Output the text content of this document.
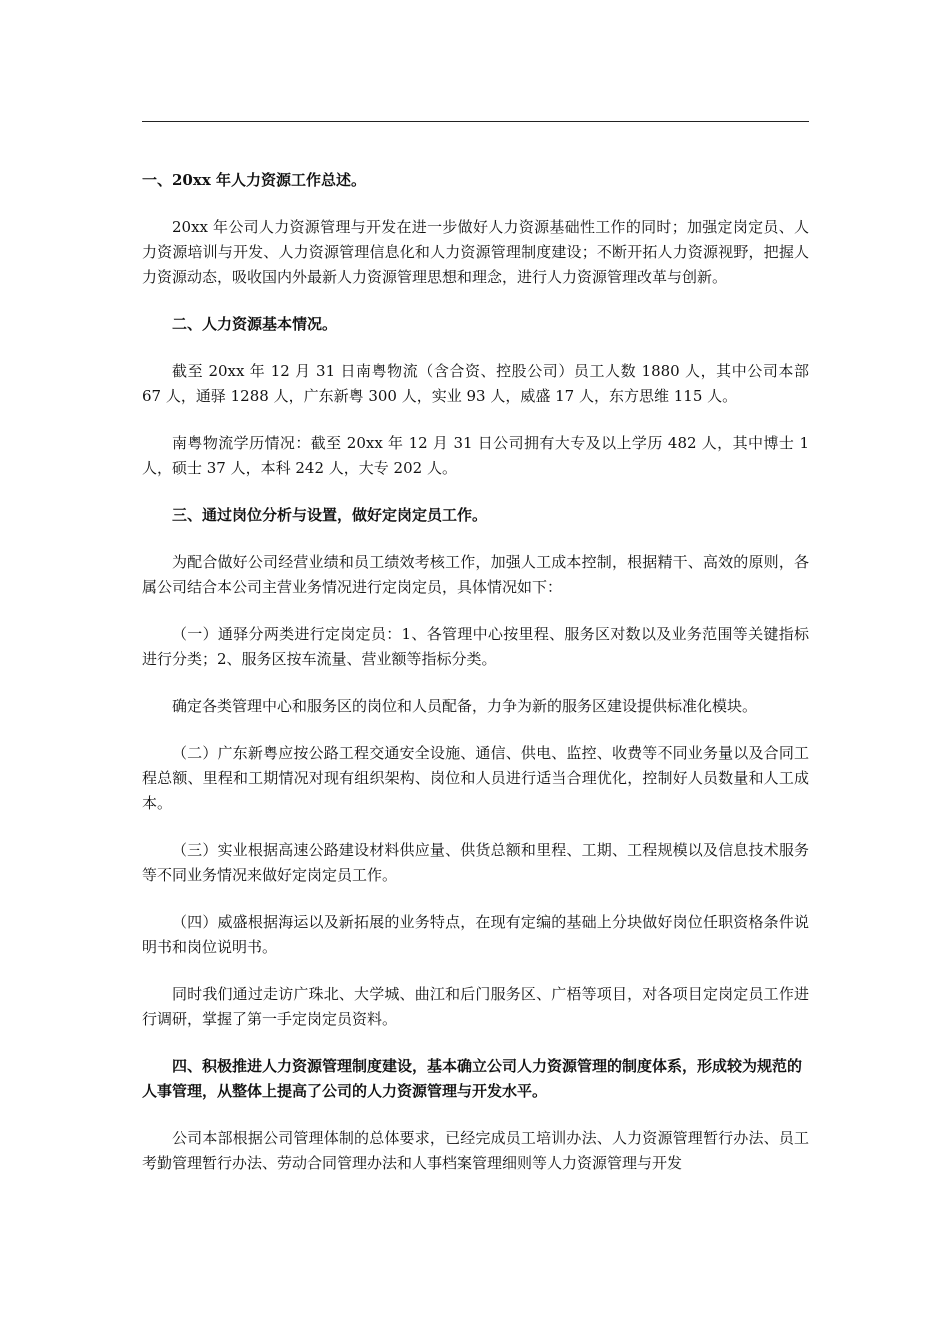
一、20xx 年人力资源工作总述。

20xx 年公司人力资源管理与开发在进一步做好人力资源基础性工作的同时；加强定岗定员、人力资源培训与开发、人力资源管理信息化和人力资源管理制度建设；不断开拓人力资源视野，把握人力资源动态，吸收国内外最新人力资源管理思想和理念，进行人力资源管理改革与创新。

二、人力资源基本情况。

截至 20xx 年 12 月 31 日南粤物流（含合资、控股公司）员工人数 1880 人，其中公司本部 67 人，通驿 1288 人，广东新粤 300 人，实业 93 人，威盛 17 人，东方思维 115 人。

南粤物流学历情况：截至 20xx 年 12 月 31 日公司拥有大专及以上学历 482 人，其中博士 1 人，硕士 37 人，本科 242 人，大专 202 人。

三、通过岗位分析与设置，做好定岗定员工作。

为配合做好公司经营业绩和员工绩效考核工作，加强人工成本控制，根据精干、高效的原则，各属公司结合本公司主营业务情况进行定岗定员，具体情况如下：

（一）通驿分两类进行定岗定员：1、各管理中心按里程、服务区对数以及业务范围等关键指标进行分类；2、服务区按车流量、营业额等指标分类。

确定各类管理中心和服务区的岗位和人员配备，力争为新的服务区建设提供标准化模块。

（二）广东新粤应按公路工程交通安全设施、通信、供电、监控、收费等不同业务量以及合同工程总额、里程和工期情况对现有组织架构、岗位和人员进行适当合理优化，控制好人员数量和人工成本。

（三）实业根据高速公路建设材料供应量、供货总额和里程、工期、工程规模以及信息技术服务等不同业务情况来做好定岗定员工作。

（四）威盛根据海运以及新拓展的业务特点，在现有定编的基础上分块做好岗位任职资格条件说明书和岗位说明书。

同时我们通过走访广珠北、大学城、曲江和后门服务区、广梧等项目，对各项目定岗定员工作进行调研，掌握了第一手定岗定员资料。

四、积极推进人力资源管理制度建设，基本确立公司人力资源管理的制度体系，形成较为规范的人事管理，从整体上提高了公司的人力资源管理与开发水平。

公司本部根据公司管理体制的总体要求，已经完成员工培训办法、人力资源管理暂行办法、员工考勤管理暂行办法、劳动合同管理办法和人事档案管理细则等人力资源管理与开发
